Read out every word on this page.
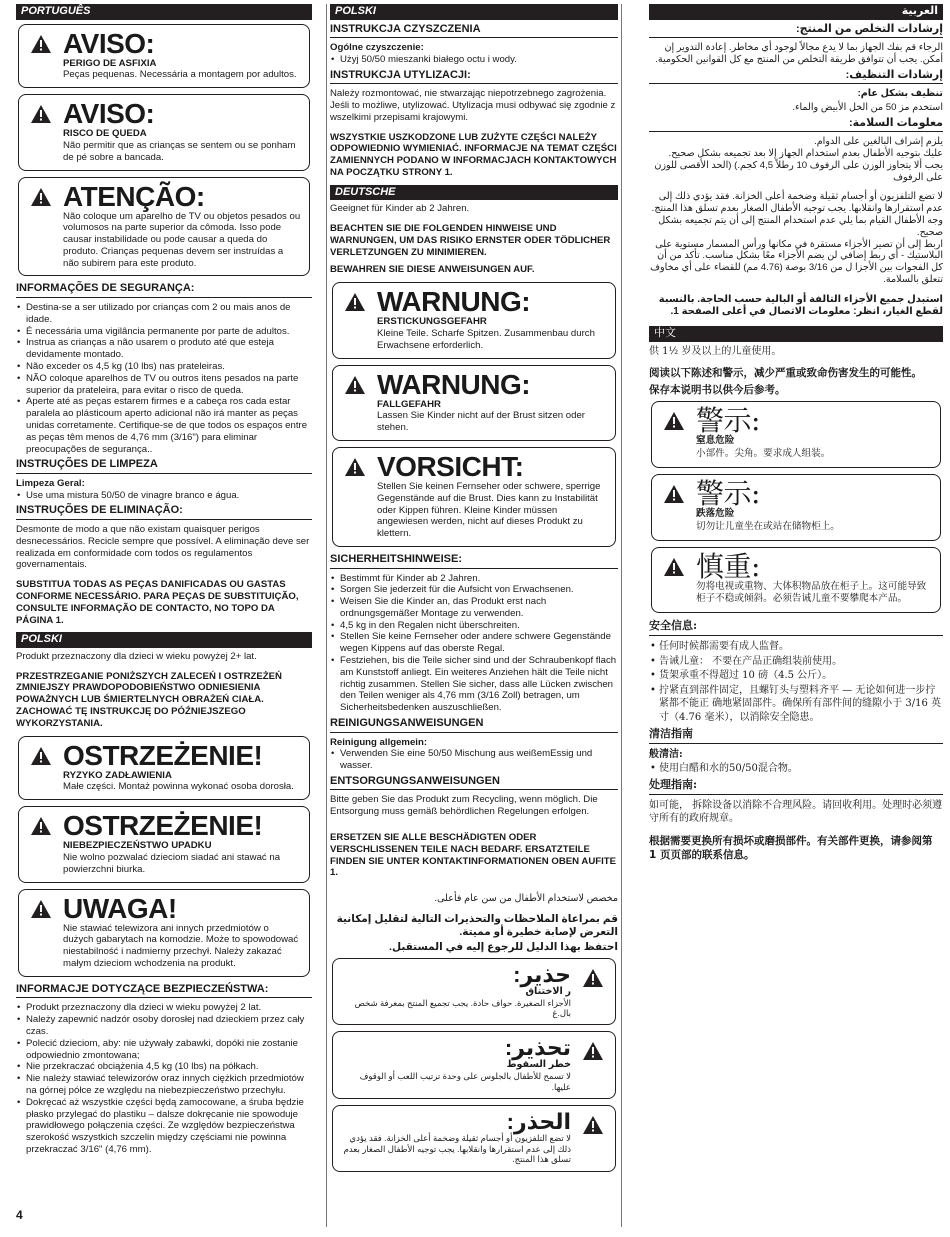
PORTUGUÊS
AVISO:
PERIGO DE ASFIXIA

Peças pequenas. Necessária a montagem por adultos.

AVISO:
RISCO DE QUEDA

Não permitir que as crianças se sentem ou se ponham de pé sobre a bancada.

ATENÇÃO:

Não coloque um aparelho de TV ou objetos pesados ou volumosos na parte superior da cômoda. Isso pode causar instabilidade ou pode causar a queda do produto. Crianças pequenas devem ser instruídas a não subirem para este produto.

INFORMAÇÕES DE SEGURANÇA:
• Destina-se a ser utilizado por crianças com 2 ou mais anos de idade.
• É necessária uma vigilância permanente por parte de adultos.
• Instrua as crianças a não usarem o produto até que esteja devidamente montado.
• Não exceder os 4,5 kg (10 lbs) nas prateleiras.
• NÃO coloque aparelhos de TV ou outros itens pesados na parte superior da prateleira, para evitar o risco de queda.
• Aperte até as peças estarem firmes e a cabeça ros cada estar paralela ao plásticoum aperto adicional não irá manter as peças unidas corretamente. Certifique-se de que todos os espaços entre as peças têm menos de 4,76 mm (3/16") para eliminar preocupações de segurança..
INSTRUÇÕES DE LIMPEZA
Limpeza Geral:
• Use uma mistura 50/50 de vinagre branco e água.
INSTRUÇÕES DE ELIMINAÇÃO:

Desmonte de modo a que não existam quaisquer perigos desnecessários. Recicle sempre que possível. A eliminação deve ser realizada em conformidade com todos os regulamentos governamentais.

SUBSTITUA TODAS AS PEÇAS DANIFICADAS OU GASTAS CONFORME NECESSÁRIO. PARA PEÇAS DE SUBSTITUIÇÃO, CONSULTE INFORMAÇÃO DE CONTACTO, NO TOPO DA PÁGINA 1.

POLSKI

Produkt przeznaczony dla dzieci w wieku powyżej 2+ lat.

PRZESTRZEGANIE PONIŻSZYCH ZALECEŃ I OSTRZEŻEŃ ZMNIEJSZY PRAWDOPODOBIEŃSTWO ODNIESIENIA POWAŻNYCH LUB ŚMIERTELNYCH OBRAŻEŃ CIAŁA. ZACHOWAĆ TĘ INSTRUKCJĘ DO PÓŹNIEJSZEGO WYKORZYSTANIA.

OSTRZEŻENIE!
RYZYKO ZADŁAWIENIA

Małe części. Montaż powinna wykonać osoba dorosła.

OSTRZEŻENIE!
NIEBEZPIECZEŃSTWO UPADKU

Nie wolno pozwalać dzieciom siadać ani stawać na powierzchni biurka.

UWAGA!

Nie stawiać telewizora ani innych przedmiotów o dużych gabarytach na komodzie. Może to spowodować niestabilność i nadmierny przechył. Należy zakazać małym dzieciom wchodzenia na produkt.

INFORMACJE DOTYCZĄCE BEZPIECZEŃSTWA:
• Produkt przeznaczony dla dzieci w wieku powyżej 2 lat.
• Należy zapewnić nadzór osoby dorosłej nad dzieckiem przez cały czas.
• Polecić dzieciom, aby: nie używały zabawki, dopóki nie zostanie odpowiednio zmontowana;
• Nie przekraczać obciążenia 4,5 kg (10 lbs) na półkach.
• Nie należy stawiać telewizorów oraz innych ciężkich przedmiotów na górnej półce ze względu na niebezpieczeństwo przechyłu.
• Dokręcać aż wszystkie części będą zamocowane, a śruba będzie płasko przylegać do plastiku – dalsze dokręcanie nie spowoduje prawidłowego połączenia części. Ze względów bezpieczeństwa szerokość wszystkich szczelin między częściami nie powinna przekraczać 3/16" (4,76 mm).
4
POLSKI
INSTRUKCJA CZYSZCZENIA
Ogólne czyszczenie:
• Użyj 50/50 mieszanki białego octu i wody.
INSTRUKCJA UTYLIZACJI:

Należy rozmontować, nie stwarzając niepotrzebnego zagrożenia. Jeśli to możliwe, utylizować. Utylizacja musi odbywać się zgodnie z wszelkimi przepisami krajowymi.

WSZYSTKIE USZKODZONE LUB ZUŻYTE CZĘŚCI NALEŻY ODPOWIEDNIO WYMIENIAĆ. INFORMACJE NA TEMAT CZĘŚCI ZAMIENNYCH PODANO W INFORMACJACH KONTAKTOWYCH NA POCZĄTKU STRONY 1.

DEUTSCHE

Geeignet für Kinder ab 2 Jahren.

BEACHTEN SIE DIE FOLGENDEN HINWEISE UND WARNUNGEN, UM DAS RISIKO ERNSTER ODER TÖDLICHER VERLETZUNGEN ZU MINIMIEREN.

BEWAHREN SIE DIESE ANWEISUNGEN AUF.

WARNUNG:
ERSTICKUNGSGEFAHR

Kleine Teile. Scharfe Spitzen. Zusammenbau durch Erwachsene erforderlich.

WARNUNG:
FALLGEFAHR

Lassen Sie Kinder nicht auf der Brust sitzen oder stehen.

VORSICHT:

Stellen Sie keinen Fernseher oder schwere, sperrige Gegenstände auf die Brust. Dies kann zu Instabilität oder Kippen führen. Kleine Kinder müssen angewiesen werden, nicht auf dieses Produkt zu klettern.

SICHERHEITSHINWEISE:
• Bestimmt für Kinder ab 2 Jahren.
• Sorgen Sie jederzeit für die Aufsicht von Erwachsenen.
• Weisen Sie die Kinder an, das Produkt erst nach ordnungsgemäßer Montage zu verwenden.
• 4,5 kg in den Regalen nicht überschreiten.
• Stellen Sie keine Fernseher oder andere schwere Gegenstände wegen Kippens auf das oberste Regal.
• Festziehen, bis die Teile sicher sind und der Schraubenkopf flach am Kunststoff anliegt. Ein weiteres Anziehen hält die Teile nicht richtig zusammen. Stellen Sie sicher, dass alle Lücken zwischen den Teilen weniger als 4,76 mm (3/16 Zoll) betragen, um Sicherheitsbedenken auszuschließen.
REINIGUNGSANWEISUNGEN
Reinigung allgemein:
• Verwenden Sie eine 50/50 Mischung aus weißemEssig und wasser.
ENTSORGUNGSANWEISUNGEN

Bitte geben Sie das Produkt zum Recycling, wenn möglich. Die Entsorgung muss gemäß behördlichen Regelungen erfolgen.

ERSETZEN SIE ALLE BESCHÄDIGTEN ODER VERSCHLISSENEN TEILE NACH BEDARF. ERSATZTEILE FINDEN SIE UNTER KONTAKTINFORMATIONEN OBEN AUFITE 1.

مخصص لاستخدام الأطفال من سن عام فأعلى.

قم بمراعاة الملاحظات والتحذيرات التالية لتقليل إمكانية التعرض لإصابة خطيرة أو مميتة.

احتفظ بهذا الدليل للرجوع إليه في المستقبل.

حذير:
ر الاختناق

الأجزاء الصغيرة. حواف حادة. يجب تجميع المنتج بمعرفة شخص بال.غ

تحذير:
خطر السقوط

لا تسمح للأطفال بالجلوس على وحدة ترتيب اللعب أو الوقوف عليها.

الحذر:

لا تضع التلفزيون أو أجسام ثقيلة وضخمة أعلى الخزانة. فقد يؤدي ذلك إلى عدم استقرارها وانقلابها. يجب توجيه الأطفال الصغار بعدم تسلق هذا المنتج.

العربية
إرشادات التخلص من المنتج:

الرجاء قم بفك الجهاز بما لا يدع مجالاً لوجود أي مخاطر. إعادة التدوير إن أمكن. يجب أن تتوافق طريقة التخلص من المنتج مع كل القوانين الحكومية.

إرشادات التنظيف:
تنظيف بشكل عام:

استخدم مز 50 من الخل الأبيض والماء.

معلومات السلامة:
يلزم إشراف البالغين على الدوام.
عليك بتوجيه الأطفال بعدم استخدام الجهاز إلا بعد تجميعه بشكل صحيح.
يجب ألا يتجاوز الوزن على الرفوف 10 رطلاً 4,5 كجم.) (الحد الأقصى للوزن على الرفوف
لا تضع التلفزيون أو أجسام ثقيلة وضخمة أعلى الخزانة. فقد يؤدي ذلك إلى عدم استقرارها وانقلابها. يجب توجيه الأطفال الصغار بعدم تسلق هذا المنتج.
وجه الأطفال القيام بما يلي عدم استخدام المنتج إلى أن يتم تجميعه بشكل صحيح.
اربط إلى أن تصير الأجزاء مستقرة في مكانها ورأس المسمار مستوية على البلاستيك - أي ربط إضافي لن يضم الأجزاء معًا بشكل مناسب. تأكد من أن كل الفجوات بين الأجزا ل من 3/16 بوصة (4.76 مم) للقضاء على أي مخاوف تتعلق بالسلامة.

استبدل جميع الأجزاء التالفة أو البالية حسب الحاجة. بالنسبة لقطع الغيار، انظر: معلومات الاتصال في أعلى الصفحة 1.

中文

供 1½ 岁及以上的儿童使用。

阅读以下陈述和警示，减少严重或致命伤害发生的可能性。

保存本说明书以供今后参考。

警示:
窒息危险

小部件。尖角。要求成人组装。

警示:
跌落危险

切勿让儿童坐在或站在储物柜上。

慎重:

勿将电视或重物、大体积物品放在柜子上。这可能导致柜子不稳或倾斜。必须告诫儿童不要攀爬本产品。

安全信息:
• 任何时候都需要有成人监督。
• 告诫儿童： 不要在产品正确组装前使用。
• 货架承重不得超过 10 磅（4.5 公斤）。
• 拧紧直到部件固定，且螺钉头与塑料齐平 — 无论如何进一步拧紧都不能正 确地紧固部件。确保所有部件间的缝隙小于 3/16 英寸（4.76 毫米），以消除安全隐患。
清洁指南
般清洁:
• 使用白醋和水的50/50混合物。
处理指南:

如可能， 拆除设备以消除不合理风险。请回收利用。处理时必须遵守所有的政府规章。

根据需要更换所有损坏或磨损部件。有关部件更换，请参阅第 1 页页部的联系信息。
